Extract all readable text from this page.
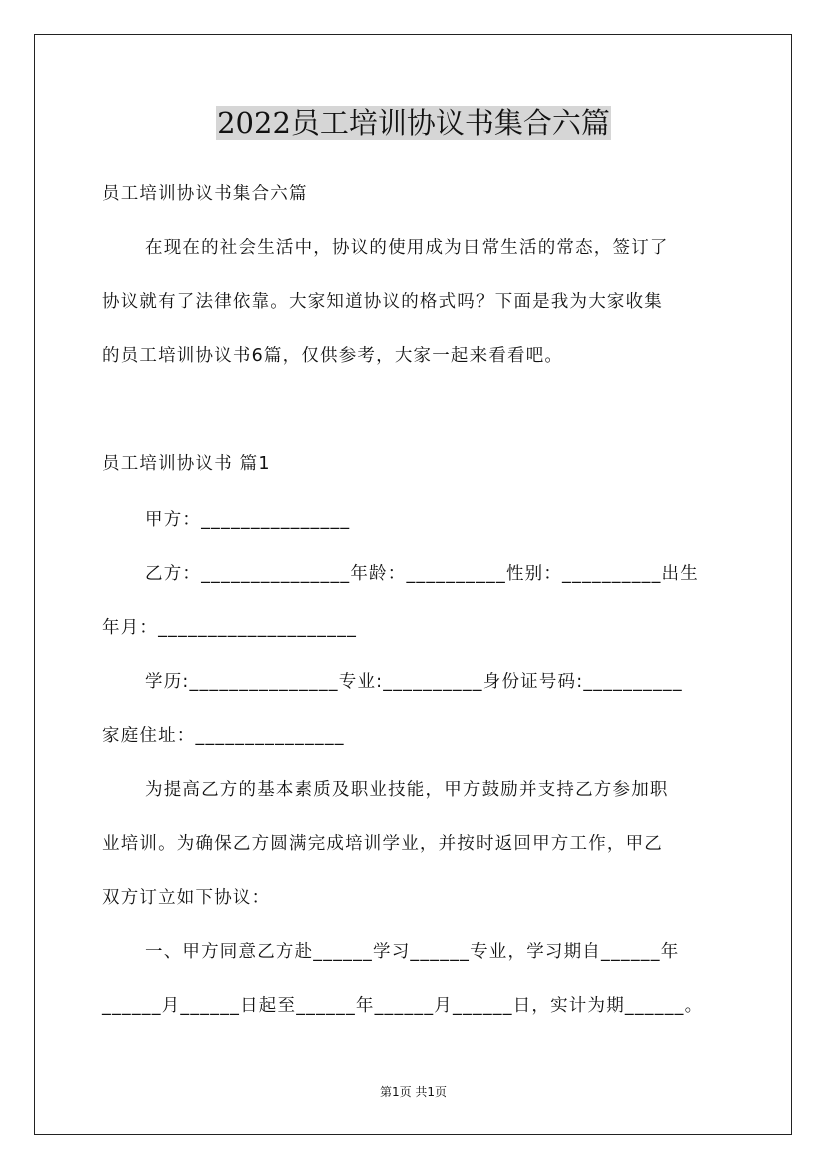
2022员工培训协议书集合六篇
员工培训协议书集合六篇
在现在的社会生活中，协议的使用成为日常生活的常态，签订了
协议就有了法律依靠。大家知道协议的格式吗？下面是我为大家收集
的员工培训协议书6篇，仅供参考，大家一起来看看吧。
员工培训协议书 篇1
甲方：_______________
乙方：_______________年龄：__________性别：__________出生
年月：____________________
学历:_______________专业:__________身份证号码:__________
家庭住址：_______________
为提高乙方的基本素质及职业技能，甲方鼓励并支持乙方参加职
业培训。为确保乙方圆满完成培训学业，并按时返回甲方工作，甲乙
双方订立如下协议：
一、甲方同意乙方赴______学习______专业，学习期自______年
______月______日起至______年______月______日，实计为期______。
第1页 共1页
